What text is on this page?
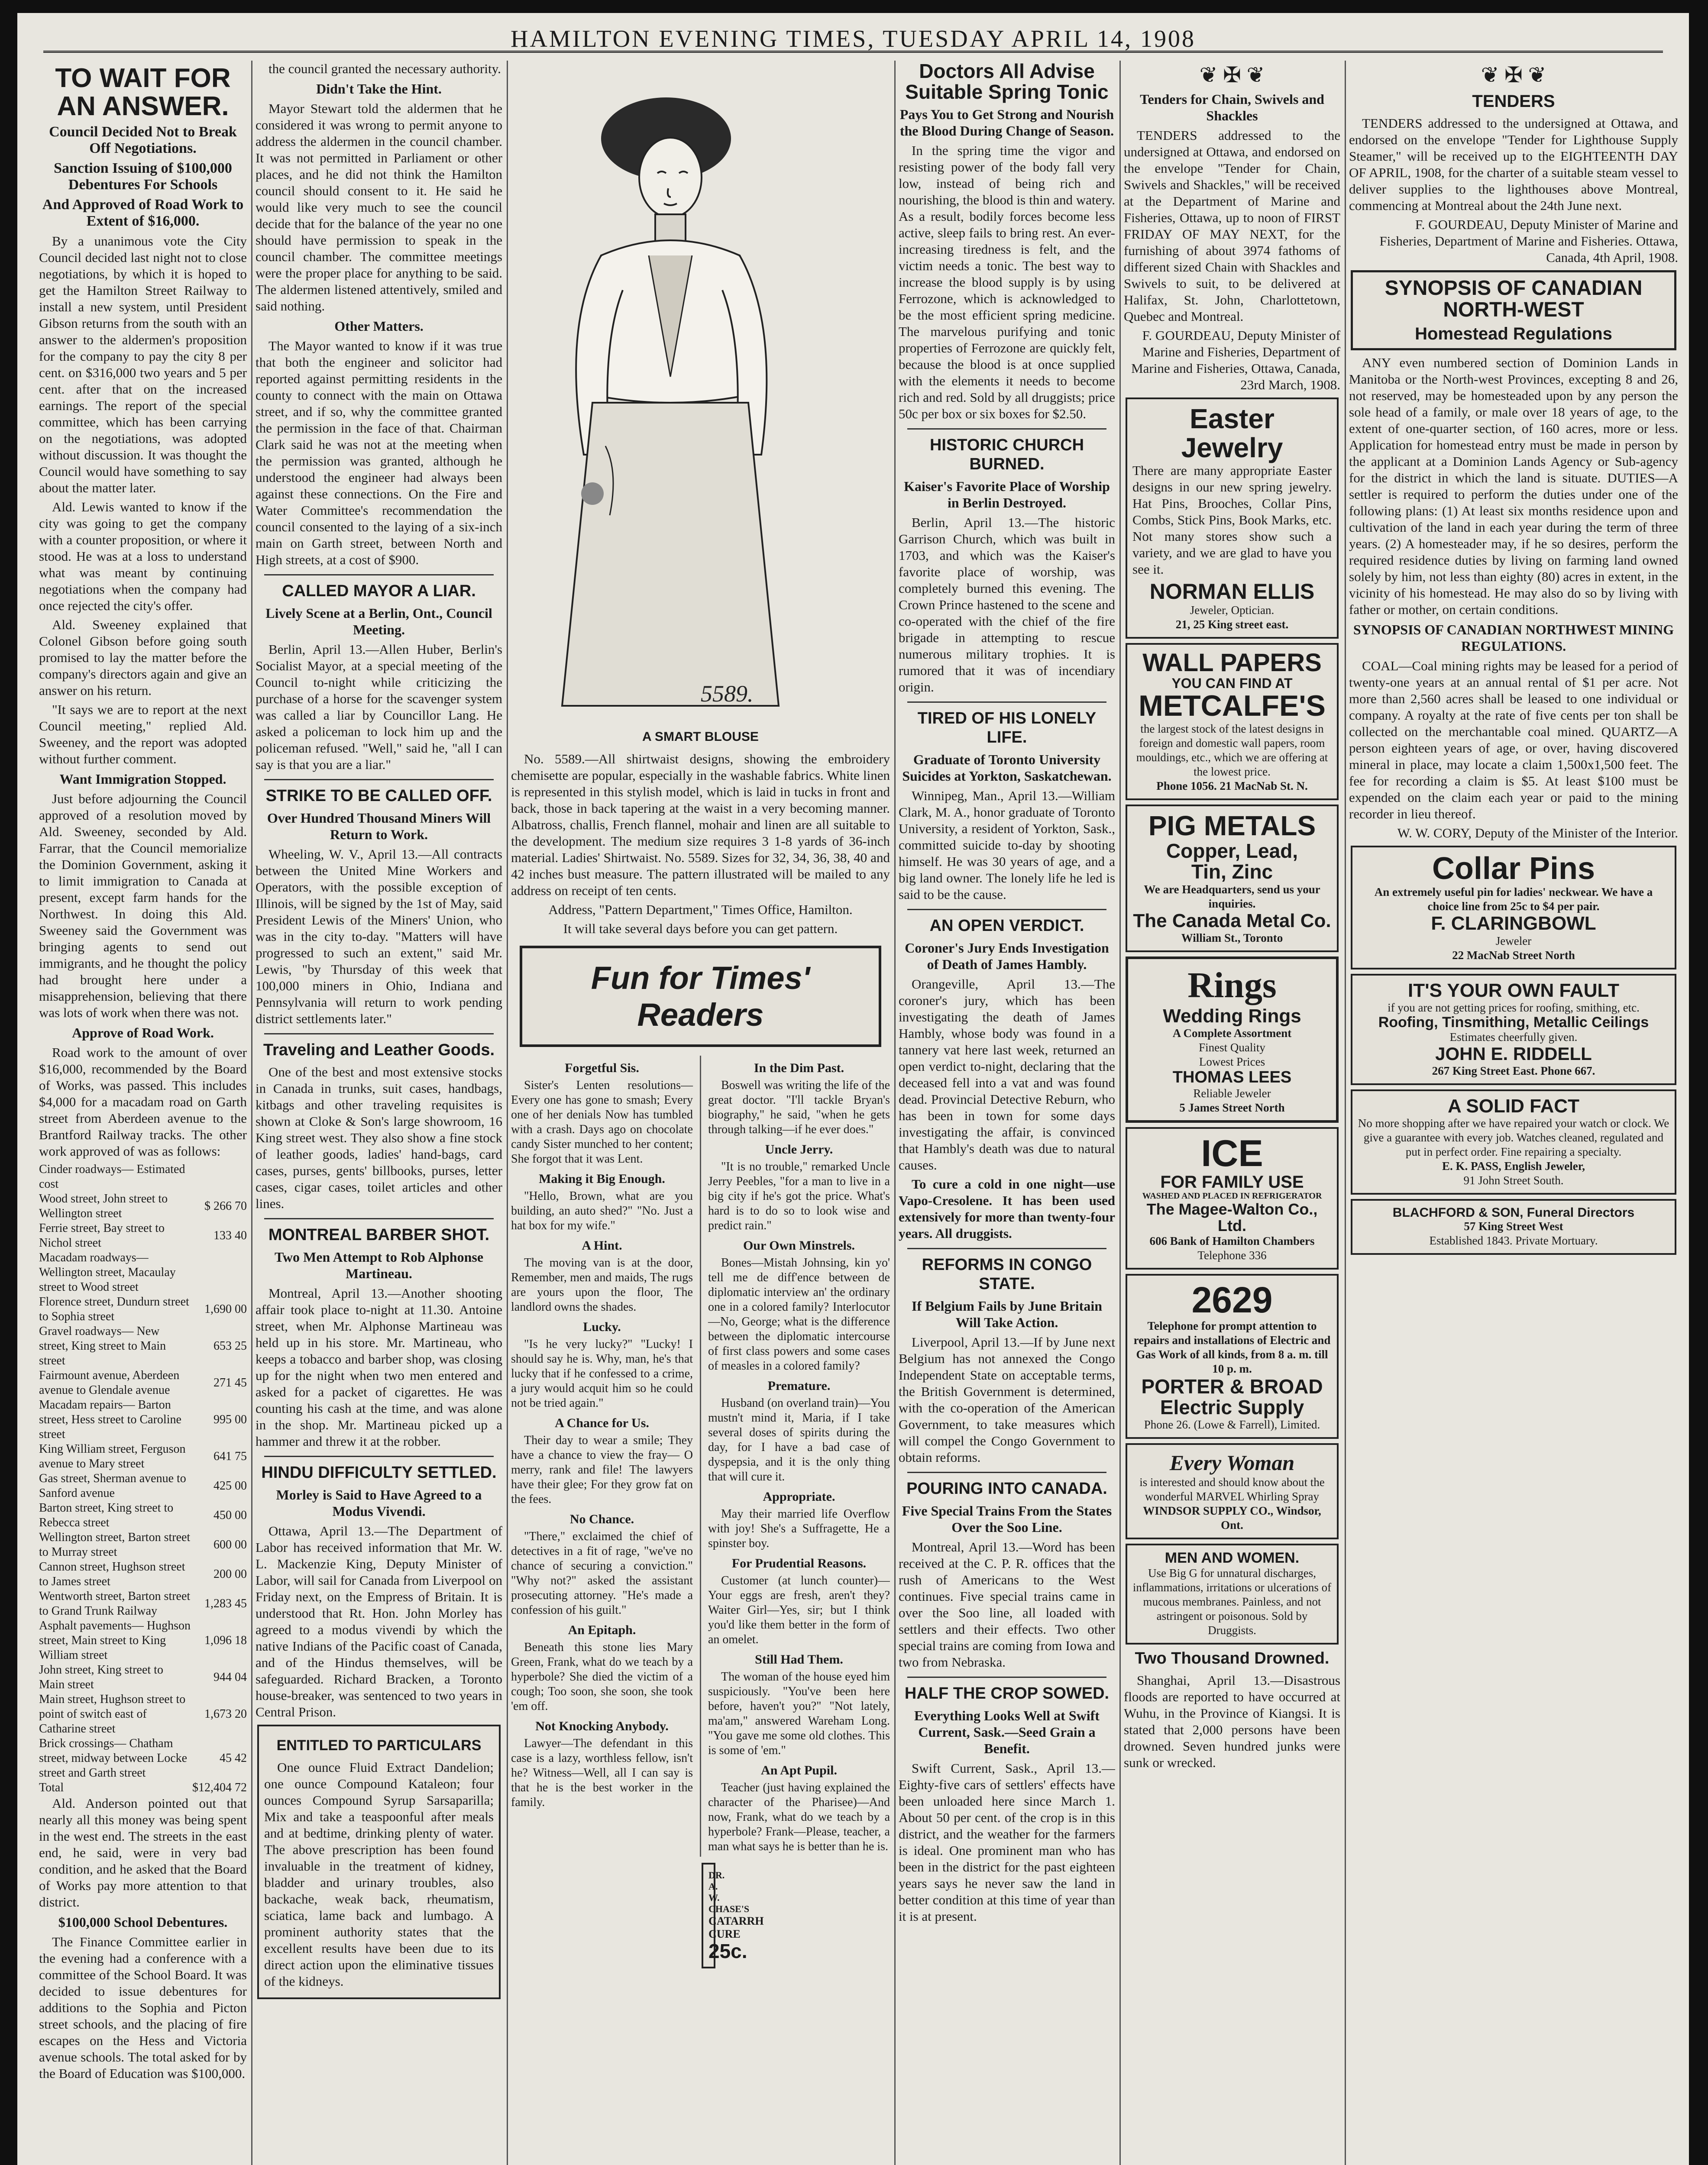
HAMILTON EVENING TIMES, TUESDAY APRIL 14, 1908
TO WAIT FOR
AN ANSWER.
Council Decided Not to Break Off Negotiations.
Sanction Issuing of $100,000 Debentures For Schools
And Approved of Road Work to Extent of $16,000.

By a unanimous vote the City Council decided last night not to close negotiations, by which it is hoped to get the Hamilton Street Railway to install a new system, until President Gibson returns from the south with an answer to the aldermen's proposition for the company to pay the city 8 per cent. on $316,000 two years and 5 per cent. after that on the increased earnings. The report of the special committee, which has been carrying on the negotiations, was adopted without discussion. It was thought the Council would have something to say about the matter later.

Ald. Lewis wanted to know if the city was going to get the company with a counter proposition, or where it stood. He was at a loss to understand what was meant by continuing negotiations when the company had once rejected the city's offer.

Ald. Sweeney explained that Colonel Gibson before going south promised to lay the matter before the company's directors again and give an answer on his return.

"It says we are to report at the next Council meeting," replied Ald. Sweeney, and the report was adopted without further comment.

Want Immigration Stopped.

Just before adjourning the Council approved of a resolution moved by Ald. Sweeney, seconded by Ald. Farrar, that the Council memorialize the Dominion Government, asking it to limit immigration to Canada at present, except farm hands for the Northwest. In doing this Ald. Sweeney said the Government was bringing agents to send out immigrants, and he thought the policy had brought here under a misapprehension, believing that there was lots of work when there was not.

Approve of Road Work.

Road work to the amount of over $16,000, recommended by the Board of Works, was passed. This includes $4,000 for a macadam road on Garth street from Aberdeen avenue to the Brantford Railway tracks. The other work approved of was as follows:

Cinder roadways— Estimated cost	
Wood street, John street to Wellington street	$ 266 70
Ferrie street, Bay street to Nichol street	133 40
Macadam roadways— Wellington street, Macaulay street to Wood street	
Florence street, Dundurn street to Sophia street	1,690 00
Gravel roadways— New street, King street to Main street	653 25
Fairmount avenue, Aberdeen avenue to Glendale avenue	271 45
Macadam repairs— Barton street, Hess street to Caroline street	995 00
King William street, Ferguson avenue to Mary street	641 75
Gas street, Sherman avenue to Sanford avenue	425 00
Barton street, King street to Rebecca street	450 00
Wellington street, Barton street to Murray street	600 00
Cannon street, Hughson street to James street	200 00
Wentworth street, Barton street to Grand Trunk Railway	1,283 45
Asphalt pavements— Hughson street, Main street to King William street	1,096 18
John street, King street to Main street	944 04
Main street, Hughson street to point of switch east of Catharine street	1,673 20
Brick crossings— Chatham street, midway between Locke street and Garth street	45 42
Total	$12,404 72

Ald. Anderson pointed out that nearly all this money was being spent in the west end. The streets in the east end, he said, were in very bad condition, and he asked that the Board of Works pay more attention to that district.

$100,000 School Debentures.

The Finance Committee earlier in the evening had a conference with a committee of the School Board. It was decided to issue debentures for additions to the Sophia and Picton street schools, and the placing of fire escapes on the Hess and Victoria avenue schools. The total asked for by the Board of Education was $100,000.

the council granted the necessary authority.

Didn't Take the Hint.

Mayor Stewart told the aldermen that he considered it was wrong to permit anyone to address the aldermen in the council chamber. It was not permitted in Parliament or other places, and he did not think the Hamilton council should consent to it. He said he would like very much to see the council decide that for the balance of the year no one should have permission to speak in the council chamber. The committee meetings were the proper place for anything to be said. The aldermen listened attentively, smiled and said nothing.

Other Matters.

The Mayor wanted to know if it was true that both the engineer and solicitor had reported against permitting residents in the county to connect with the main on Ottawa street, and if so, why the committee granted the permission in the face of that. Chairman Clark said he was not at the meeting when the permission was granted, although he understood the engineer had always been against these connections. On the Fire and Water Committee's recommendation the council consented to the laying of a six-inch main on Garth street, between North and High streets, at a cost of $900.

CALLED MAYOR A LIAR.
Lively Scene at a Berlin, Ont., Council Meeting.

Berlin, April 13.—Allen Huber, Berlin's Socialist Mayor, at a special meeting of the Council to-night while criticizing the purchase of a horse for the scavenger system was called a liar by Councillor Lang. He asked a policeman to lock him up and the policeman refused. "Well," said he, "all I can say is that you are a liar."

STRIKE TO BE CALLED OFF.
Over Hundred Thousand Miners Will Return to Work.

Wheeling, W. V., April 13.—All contracts between the United Mine Workers and Operators, with the possible exception of Illinois, will be signed by the 1st of May, said President Lewis of the Miners' Union, who was in the city to-day. "Matters will have progressed to such an extent," said Mr. Lewis, "by Thursday of this week that 100,000 miners in Ohio, Indiana and Pennsylvania will return to work pending district settlements later."

Traveling and Leather Goods.

One of the best and most extensive stocks in Canada in trunks, suit cases, handbags, kitbags and other traveling requisites is shown at Cloke & Son's large showroom, 16 King street west. They also show a fine stock of leather goods, ladies' hand-bags, card cases, purses, gents' billbooks, purses, letter cases, cigar cases, toilet articles and other lines.

MONTREAL BARBER SHOT.
Two Men Attempt to Rob Alphonse Martineau.

Montreal, April 13.—Another shooting affair took place to-night at 11.30. Antoine street, when Mr. Alphonse Martineau was held up in his store. Mr. Martineau, who keeps a tobacco and barber shop, was closing up for the night when two men entered and asked for a packet of cigarettes. He was counting his cash at the time, and was alone in the shop. Mr. Martineau picked up a hammer and threw it at the robber.

HINDU DIFFICULTY SETTLED.
Morley is Said to Have Agreed to a Modus Vivendi.

Ottawa, April 13.—The Department of Labor has received information that Mr. W. L. Mackenzie King, Deputy Minister of Labor, will sail for Canada from Liverpool on Friday next, on the Empress of Britain. It is understood that Rt. Hon. John Morley has agreed to a modus vivendi by which the native Indians of the Pacific coast of Canada, and of the Hindus themselves, will be safeguarded. Richard Bracken, a Toronto house-breaker, was sentenced to two years in Central Prison.

ENTITLED TO PARTICULARS

One ounce Fluid Extract Dandelion; one ounce Compound Kataleon; four ounces Compound Syrup Sarsaparilla; Mix and take a teaspoonful after meals and at bedtime, drinking plenty of water. The above prescription has been found invaluable in the treatment of kidney, bladder and urinary troubles, also backache, weak back, rheumatism, sciatica, lame back and lumbago. A prominent authority states that the excellent results have been due to its direct action upon the eliminative tissues of the kidneys.

5589.
A SMART BLOUSE

No. 5589.—All shirtwaist designs, showing the embroidery chemisette are popular, especially in the washable fabrics. White linen is represented in this stylish model, which is laid in tucks in front and back, those in back tapering at the waist in a very becoming manner. Albatross, challis, French flannel, mohair and linen are all suitable to the development. The medium size requires 3 1-8 yards of 36-inch material. Ladies' Shirtwaist. No. 5589. Sizes for 32, 34, 36, 38, 40 and 42 inches bust measure. The pattern illustrated will be mailed to any address on receipt of ten cents.

Address, "Pattern Department," Times Office, Hamilton.

It will take several days before you can get pattern.

Fun for Times' Readers
Forgetful Sis.

Sister's Lenten resolutions— Every one has gone to smash; Every one of her denials Now has tumbled with a crash. Days ago on chocolate candy Sister munched to her content; She forgot that it was Lent.

Making it Big Enough.

"Hello, Brown, what are you building, an auto shed?" "No. Just a hat box for my wife."

A Hint.

The moving van is at the door, Remember, men and maids, The rugs are yours upon the floor, The landlord owns the shades.

Lucky.

"Is he very lucky?" "Lucky! I should say he is. Why, man, he's that lucky that if he confessed to a crime, a jury would acquit him so he could not be tried again."

A Chance for Us.

Their day to wear a smile; They have a chance to view the fray— O merry, rank and file! The lawyers have their glee; For they grow fat on the fees.

No Chance.

"There," exclaimed the chief of detectives in a fit of rage, "we've no chance of securing a conviction." "Why not?" asked the assistant prosecuting attorney. "He's made a confession of his guilt."

An Epitaph.

Beneath this stone lies Mary Green, Frank, what do we teach by a hyperbole? She died the victim of a cough; Too soon, she soon, she took 'em off.

Not Knocking Anybody.

Lawyer—The defendant in this case is a lazy, worthless fellow, isn't he? Witness—Well, all I can say is that he is the best worker in the family.

In the Dim Past.

Boswell was writing the life of the great doctor. "I'll tackle Bryan's biography," he said, "when he gets through talking—if he ever does."

Uncle Jerry.

"It is no trouble," remarked Uncle Jerry Peebles, "for a man to live in a big city if he's got the price. What's hard is to do so to look wise and predict rain."

Our Own Minstrels.

Bones—Mistah Johnsing, kin yo' tell me de diff'ence between de diplomatic interview an' the ordinary one in a colored family? Interlocutor—No, George; what is the difference between the diplomatic intercourse of first class powers and some cases of measles in a colored family?

Premature.

Husband (on overland train)—You mustn't mind it, Maria, if I take several doses of spirits during the day, for I have a bad case of dyspepsia, and it is the only thing that will cure it.

Appropriate.

May their married life Overflow with joy! She's a Suffragette, He a spinster boy.

For Prudential Reasons.

Customer (at lunch counter)—Your eggs are fresh, aren't they? Waiter Girl—Yes, sir; but I think you'd like them better in the form of an omelet.

Still Had Them.

The woman of the house eyed him suspiciously. "You've been here before, haven't you?" "Not lately, ma'am," answered Wareham Long. "You gave me some old clothes. This is some of 'em."

An Apt Pupil.

Teacher (just having explained the character of the Pharisee)—And now, Frank, what do we teach by a hyperbole? Frank—Please, teacher, a man what says he is better than he is.

DR. A. W. CHASE'S
CATARRH CURE
25c.
Doctors All Advise Suitable Spring Tonic
Pays You to Get Strong and Nourish the Blood During Change of Season.

In the spring time the vigor and resisting power of the body fall very low, instead of being rich and nourishing, the blood is thin and watery. As a result, bodily forces become less active, sleep fails to bring rest. An ever-increasing tiredness is felt, and the victim needs a tonic. The best way to increase the blood supply is by using Ferrozone, which is acknowledged to be the most efficient spring medicine. The marvelous purifying and tonic properties of Ferrozone are quickly felt, because the blood is at once supplied with the elements it needs to become rich and red. Sold by all druggists; price 50c per box or six boxes for $2.50.

HISTORIC CHURCH BURNED.
Kaiser's Favorite Place of Worship in Berlin Destroyed.

Berlin, April 13.—The historic Garrison Church, which was built in 1703, and which was the Kaiser's favorite place of worship, was completely burned this evening. The Crown Prince hastened to the scene and co-operated with the chief of the fire brigade in attempting to rescue numerous military trophies. It is rumored that it was of incendiary origin.

TIRED OF HIS LONELY LIFE.
Graduate of Toronto University Suicides at Yorkton, Saskatchewan.

Winnipeg, Man., April 13.—William Clark, M. A., honor graduate of Toronto University, a resident of Yorkton, Sask., committed suicide to-day by shooting himself. He was 30 years of age, and a big land owner. The lonely life he led is said to be the cause.

AN OPEN VERDICT.
Coroner's Jury Ends Investigation of Death of James Hambly.

Orangeville, April 13.—The coroner's jury, which has been investigating the death of James Hambly, whose body was found in a tannery vat here last week, returned an open verdict to-night, declaring that the deceased fell into a vat and was found dead. Provincial Detective Reburn, who has been in town for some days investigating the affair, is convinced that Hambly's death was due to natural causes.

To cure a cold in one night—use Vapo-Cresolene. It has been used extensively for more than twenty-four years. All druggists.

REFORMS IN CONGO STATE.
If Belgium Fails by June Britain Will Take Action.

Liverpool, April 13.—If by June next Belgium has not annexed the Congo Independent State on acceptable terms, the British Government is determined, with the co-operation of the American Government, to take measures which will compel the Congo Government to obtain reforms.

POURING INTO CANADA.
Five Special Trains From the States Over the Soo Line.

Montreal, April 13.—Word has been received at the C. P. R. offices that the rush of Americans to the West continues. Five special trains came in over the Soo line, all loaded with settlers and their effects. Two other special trains are coming from Iowa and two from Nebraska.

HALF THE CROP SOWED.
Everything Looks Well at Swift Current, Sask.—Seed Grain a Benefit.

Swift Current, Sask., April 13.—Eighty-five cars of settlers' effects have been unloaded here since March 1. About 50 per cent. of the crop is in this district, and the weather for the farmers is ideal. One prominent man who has been in the district for the past eighteen years says he never saw the land in better condition at this time of year than it is at present.

❦ ✠ ❦
Tenders for Chain, Swivels and Shackles

TENDERS addressed to the undersigned at Ottawa, and endorsed on the envelope "Tender for Chain, Swivels and Shackles," will be received at the Department of Marine and Fisheries, Ottawa, up to noon of FIRST FRIDAY OF MAY NEXT, for the furnishing of about 3974 fathoms of different sized Chain with Shackles and Swivels to suit, to be delivered at Halifax, St. John, Charlottetown, Quebec and Montreal.

F. GOURDEAU, Deputy Minister of Marine and Fisheries, Department of Marine and Fisheries, Ottawa, Canada, 23rd March, 1908.

Easter
Jewelry

There are many appropriate Easter designs in our new spring jewelry. Hat Pins, Brooches, Collar Pins, Combs, Stick Pins, Book Marks, etc. Not many stores show such a variety, and we are glad to have you see it.

NORMAN ELLIS
Jeweler, Optician.
21, 25 King street east.
WALL PAPERS
YOU CAN FIND AT
METCALFE'S

the largest stock of the latest designs in foreign and domestic wall papers, room mouldings, etc., which we are offering at the lowest price.

Phone 1056. 21 MacNab St. N.
PIG METALS
Copper, Lead,
Tin, Zinc
We are Headquarters, send us your inquiries.
The Canada Metal Co.
William St., Toronto
Rings
Wedding Rings
A Complete Assortment
Finest Quality
Lowest Prices
THOMAS LEES
Reliable Jeweler
5 James Street North
ICE
FOR FAMILY USE
WASHED AND PLACED IN REFRIGERATOR
The Magee-Walton Co., Ltd.
606 Bank of Hamilton Chambers
Telephone 336
2629
Telephone for prompt attention to repairs and installations of Electric and Gas Work of all kinds, from 8 a. m. till 10 p. m.
PORTER & BROAD
Electric Supply
Phone 26. (Lowe & Farrell), Limited.
Every Woman
is interested and should know about the wonderful MARVEL Whirling Spray
WINDSOR SUPPLY CO., Windsor, Ont.
MEN AND WOMEN.
Use Big G for unnatural discharges, inflammations, irritations or ulcerations of mucous membranes. Painless, and not astringent or poisonous. Sold by Druggists.
Two Thousand Drowned.

Shanghai, April 13.—Disastrous floods are reported to have occurred at Wuhu, in the Province of Kiangsi. It is stated that 2,000 persons have been drowned. Seven hundred junks were sunk or wrecked.

❦ ✠ ❦
TENDERS

TENDERS addressed to the undersigned at Ottawa, and endorsed on the envelope "Tender for Lighthouse Supply Steamer," will be received up to the EIGHTEENTH DAY OF APRIL, 1908, for the charter of a suitable steam vessel to deliver supplies to the lighthouses above Montreal, commencing at Montreal about the 24th June next.

F. GOURDEAU, Deputy Minister of Marine and Fisheries, Department of Marine and Fisheries. Ottawa, Canada, 4th April, 1908.

SYNOPSIS OF CANADIAN NORTH-WEST
Homestead Regulations

ANY even numbered section of Dominion Lands in Manitoba or the North-west Provinces, excepting 8 and 26, not reserved, may be homesteaded upon by any person the sole head of a family, or male over 18 years of age, to the extent of one-quarter section, of 160 acres, more or less. Application for homestead entry must be made in person by the applicant at a Dominion Lands Agency or Sub-agency for the district in which the land is situate. DUTIES—A settler is required to perform the duties under one of the following plans: (1) At least six months residence upon and cultivation of the land in each year during the term of three years. (2) A homesteader may, if he so desires, perform the required residence duties by living on farming land owned solely by him, not less than eighty (80) acres in extent, in the vicinity of his homestead. He may also do so by living with father or mother, on certain conditions.

SYNOPSIS OF CANADIAN NORTHWEST MINING REGULATIONS.

COAL—Coal mining rights may be leased for a period of twenty-one years at an annual rental of $1 per acre. Not more than 2,560 acres shall be leased to one individual or company. A royalty at the rate of five cents per ton shall be collected on the merchantable coal mined. QUARTZ—A person eighteen years of age, or over, having discovered mineral in place, may locate a claim 1,500x1,500 feet. The fee for recording a claim is $5. At least $100 must be expended on the claim each year or paid to the mining recorder in lieu thereof.

W. W. CORY, Deputy of the Minister of the Interior.

Collar Pins
An extremely useful pin for ladies' neckwear. We have a choice line from 25c to $4 per pair.
F. CLARINGBOWL
Jeweler
22 MacNab Street North
IT'S YOUR OWN FAULT
if you are not getting prices for roofing, smithing, etc.
Roofing, Tinsmithing, Metallic Ceilings
Estimates cheerfully given.
JOHN E. RIDDELL
267 King Street East. Phone 667.
A SOLID FACT
No more shopping after we have repaired your watch or clock. We give a guarantee with every job. Watches cleaned, regulated and put in perfect order. Fine repairing a specialty.
E. K. PASS, English Jeweler,
91 John Street South.
BLACHFORD & SON, Funeral Directors
57 King Street West
Established 1843. Private Mortuary.
